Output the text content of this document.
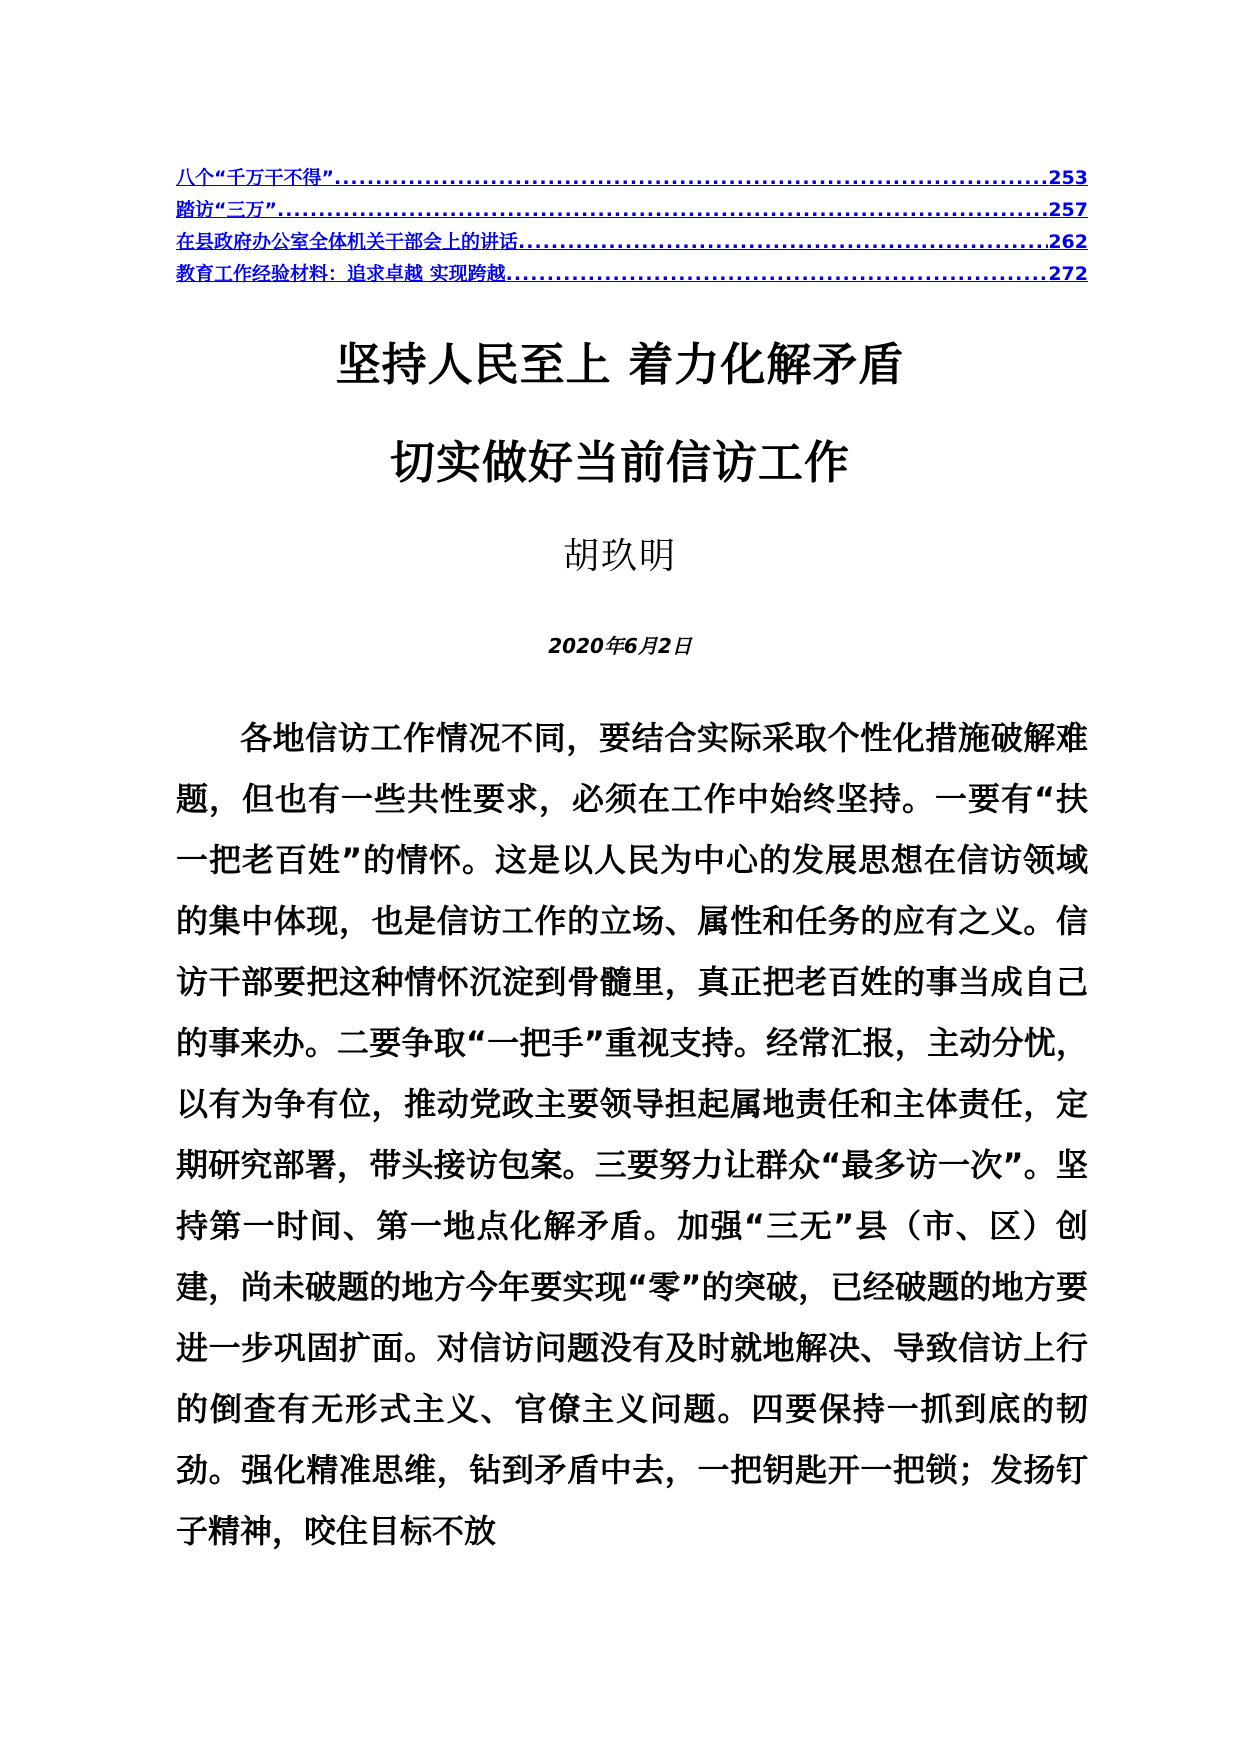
八个“千万干不得” .....	253
踏访“三万” .....	257
在县政府办公室全体机关干部会上的讲话 .....	262
教育工作经验材料：追求卓越 实现跨越 .....	272
坚持人民至上 着力化解矛盾
切实做好当前信访工作
胡玖明
2020年6月2日

各地信访工作情况不同，要结合实际采取个性化措施破解难题，但也有一些共性要求，必须在工作中始终坚持。一要有“扶一把老百姓”的情怀。这是以人民为中心的发展思想在信访领域的集中体现，也是信访工作的立场、属性和任务的应有之义。信访干部要把这种情怀沉淀到骨髓里，真正把老百姓的事当成自己的事来办。二要争取“一把手”重视支持。经常汇报，主动分忧，以有为争有位，推动党政主要领导担起属地责任和主体责任，定期研究部署，带头接访包案。三要努力让群众“最多访一次”。坚持第一时间、第一地点化解矛盾。加强“三无”县（市、区）创建，尚未破题的地方今年要实现“零”的突破，已经破题的地方要进一步巩固扩面。对信访问题没有及时就地解决、导致信访上行的倒查有无形式主义、官僚主义问题。四要保持一抓到底的韧劲。强化精准思维，钻到矛盾中去，一把钥匙开一把锁；发扬钉子精神，咬住目标不放
